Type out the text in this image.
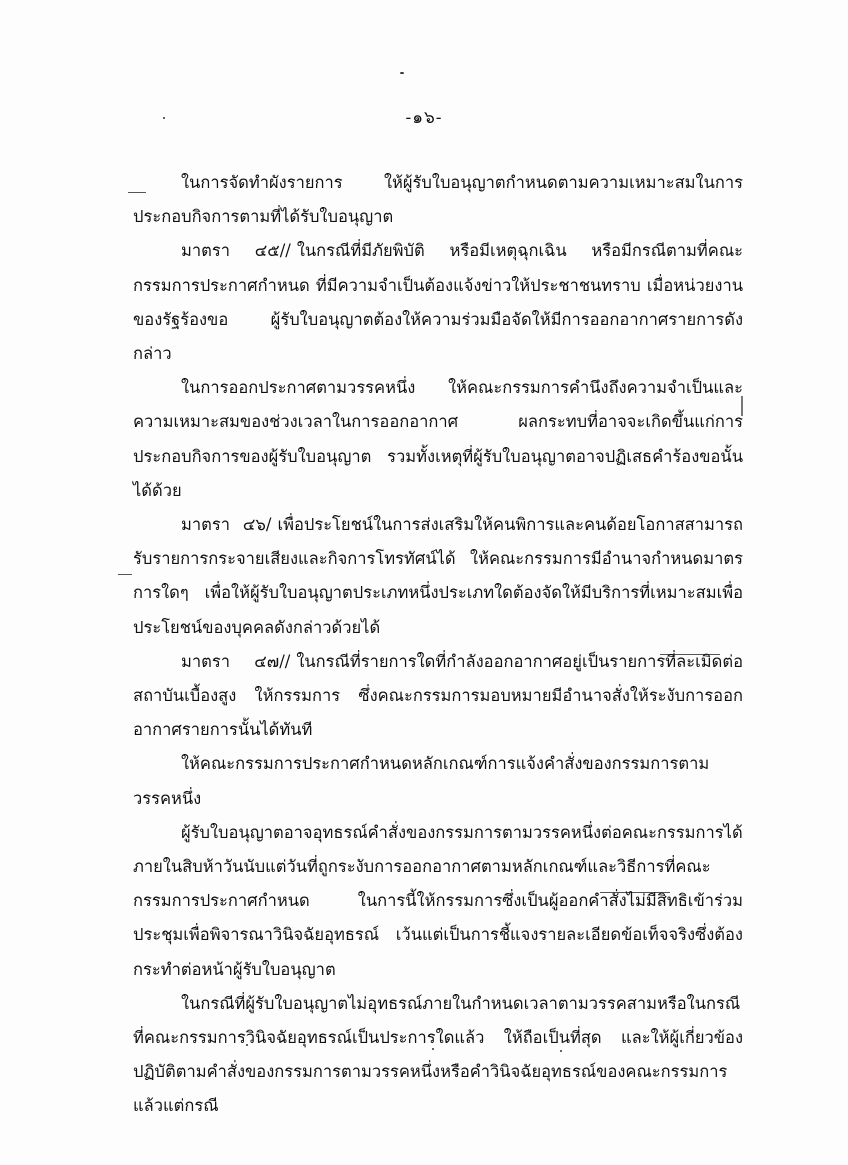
-๑๖-

ในการจัดทำผังรายการ ให้ผู้รับใบอนุญาตกำหนดตามความเหมาะสมในการประกอบกิจการตามที่ได้รับใบอนุญาต

มาตรา ๔๕// ในกรณีที่มีภัยพิบัติ หรือมีเหตุฉุกเฉิน หรือมีกรณีตามที่คณะกรรมการประกาศกำหนด ที่มีความจำเป็นต้องแจ้งข่าวให้ประชาชนทราบ เมื่อหน่วยงานของรัฐร้องขอ ผู้รับใบอนุญาตต้องให้ความร่วมมือจัดให้มีการออกอากาศรายการดังกล่าว

ในการออกประกาศตามวรรคหนึ่ง ให้คณะกรรมการคำนึงถึงความจำเป็นและความเหมาะสมของช่วงเวลาในการออกอากาศ ผลกระทบที่อาจจะเกิดขึ้นแก่การประกอบกิจการของผู้รับใบอนุญาต รวมทั้งเหตุที่ผู้รับใบอนุญาตอาจปฏิเสธคำร้องขอนั้นได้ด้วย

มาตรา ๔๖/ เพื่อประโยชน์ในการส่งเสริมให้คนพิการและคนด้อยโอกาสสามารถรับรายการกระจายเสียงและกิจการโทรทัศน์ได้ ให้คณะกรรมการมีอำนาจกำหนดมาตรการใดๆ เพื่อให้ผู้รับใบอนุญาตประเภทหนึ่งประเภทใดต้องจัดให้มีบริการที่เหมาะสมเพื่อประโยชน์ของบุคคลดังกล่าวด้วยได้

มาตรา ๔๗// ในกรณีที่รายการใดที่กำลังออกอากาศอยู่เป็นรายการที่ละเมิดต่อสถาบันเบื้องสูง ให้กรรมการ ซึ่งคณะกรรมการมอบหมายมีอำนาจสั่งให้ระงับการออกอากาศรายการนั้นได้ทันที

ให้คณะกรรมการประกาศกำหนดหลักเกณฑ์การแจ้งคำสั่งของกรรมการตามวรรคหนึ่ง

ผู้รับใบอนุญาตอาจอุทธรณ์คำสั่งของกรรมการตามวรรคหนึ่งต่อคณะกรรมการได้ภายในสิบห้าวันนับแต่วันที่ถูกระงับการออกอากาศตามหลักเกณฑ์และวิธีการที่คณะกรรมการประกาศกำหนด ในการนี้ให้กรรมการซึ่งเป็นผู้ออกคำสั่งไม่มีสิทธิเข้าร่วมประชุมเพื่อพิจารณาวินิจฉัยอุทธรณ์ เว้นแต่เป็นการชี้แจงรายละเอียดข้อเท็จจริงซึ่งต้องกระทำต่อหน้าผู้รับใบอนุญาต

ในกรณีที่ผู้รับใบอนุญาตไม่อุทธรณ์ภายในกำหนดเวลาตามวรรคสามหรือในกรณีที่คณะกรรมการวินิจฉัยอุทธรณ์เป็นประการใดแล้ว ให้ถือเป็นที่สุด และให้ผู้เกี่ยวข้องปฏิบัติตามคำสั่งของกรรมการตามวรรคหนึ่งหรือคำวินิจฉัยอุทธรณ์ของคณะกรรมการ แล้วแต่กรณี
